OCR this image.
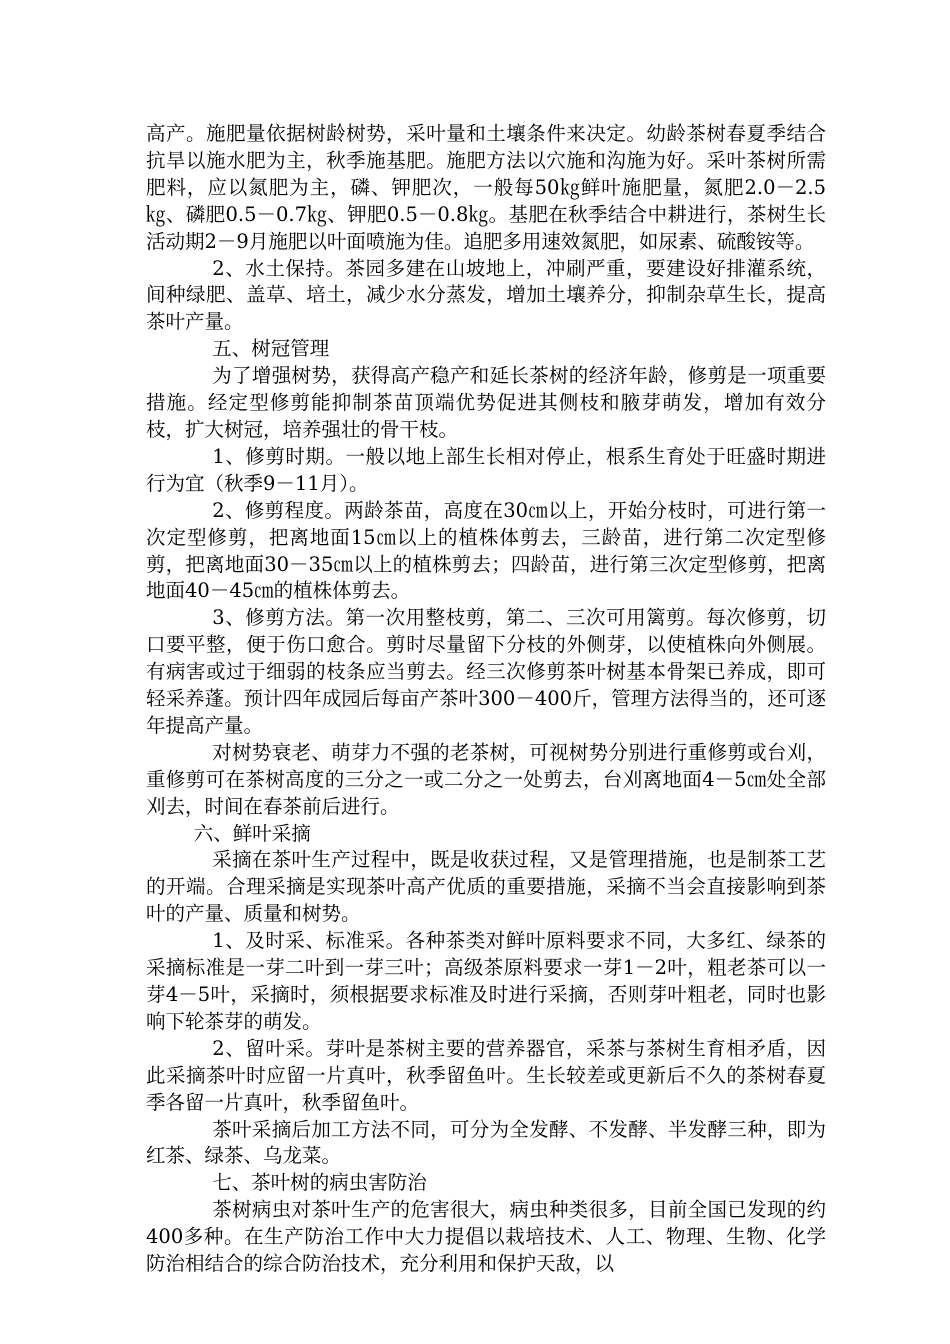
高产。施肥量依据树龄树势，采叶量和土壤条件来决定。幼龄茶树春夏季结合抗旱以施水肥为主，秋季施基肥。施肥方法以穴施和沟施为好。采叶茶树所需肥料，应以氮肥为主，磷、钾肥次，一般每50㎏鲜叶施肥量，氮肥2.0－2.5㎏、磷肥0.5－0.7㎏、钾肥0.5－0.8㎏。基肥在秋季结合中耕进行，茶树生长活动期2－9月施肥以叶面喷施为佳。追肥多用速效氮肥，如尿素、硫酸铵等。

2、水土保持。茶园多建在山坡地上，冲刷严重，要建设好排灌系统，间种绿肥、盖草、培土，减少水分蒸发，增加土壤养分，抑制杂草生长，提高茶叶产量。

五、树冠管理

为了增强树势，获得高产稳产和延长茶树的经济年龄，修剪是一项重要措施。经定型修剪能抑制茶苗顶端优势促进其侧枝和腋芽萌发，增加有效分枝，扩大树冠，培养强壮的骨干枝。

1、修剪时期。一般以地上部生长相对停止，根系生育处于旺盛时期进行为宜（秋季9－11月）。

2、修剪程度。两龄茶苗，高度在30㎝以上，开始分枝时，可进行第一次定型修剪，把离地面15㎝以上的植株体剪去，三龄苗，进行第二次定型修剪，把离地面30－35㎝以上的植株剪去；四龄苗，进行第三次定型修剪，把离地面40－45㎝的植株体剪去。

3、修剪方法。第一次用整枝剪，第二、三次可用篱剪。每次修剪，切口要平整，便于伤口愈合。剪时尽量留下分枝的外侧芽，以使植株向外侧展。有病害或过于细弱的枝条应当剪去。经三次修剪茶叶树基本骨架已养成，即可轻采养蓬。预计四年成园后每亩产茶叶300－400斤，管理方法得当的，还可逐年提高产量。

对树势衰老、萌芽力不强的老茶树，可视树势分别进行重修剪或台刈，重修剪可在茶树高度的三分之一或二分之一处剪去，台刈离地面4－5㎝处全部刈去，时间在春茶前后进行。

六、鲜叶采摘

采摘在茶叶生产过程中，既是收获过程，又是管理措施，也是制茶工艺的开端。合理采摘是实现茶叶高产优质的重要措施，采摘不当会直接影响到茶叶的产量、质量和树势。

1、及时采、标准采。各种茶类对鲜叶原料要求不同，大多红、绿茶的采摘标准是一芽二叶到一芽三叶；高级茶原料要求一芽1－2叶，粗老茶可以一芽4－5叶，采摘时，须根据要求标准及时进行采摘，否则芽叶粗老，同时也影响下轮茶芽的萌发。

2、留叶采。芽叶是茶树主要的营养器官，采茶与茶树生育相矛盾，因此采摘茶叶时应留一片真叶，秋季留鱼叶。生长较差或更新后不久的茶树春夏季各留一片真叶，秋季留鱼叶。

茶叶采摘后加工方法不同，可分为全发酵、不发酵、半发酵三种，即为红茶、绿茶、乌龙菜。

七、茶叶树的病虫害防治

茶树病虫对茶叶生产的危害很大，病虫种类很多，目前全国已发现的约400多种。在生产防治工作中大力提倡以栽培技术、人工、物理、生物、化学防治相结合的综合防治技术，充分利用和保护天敌，以
